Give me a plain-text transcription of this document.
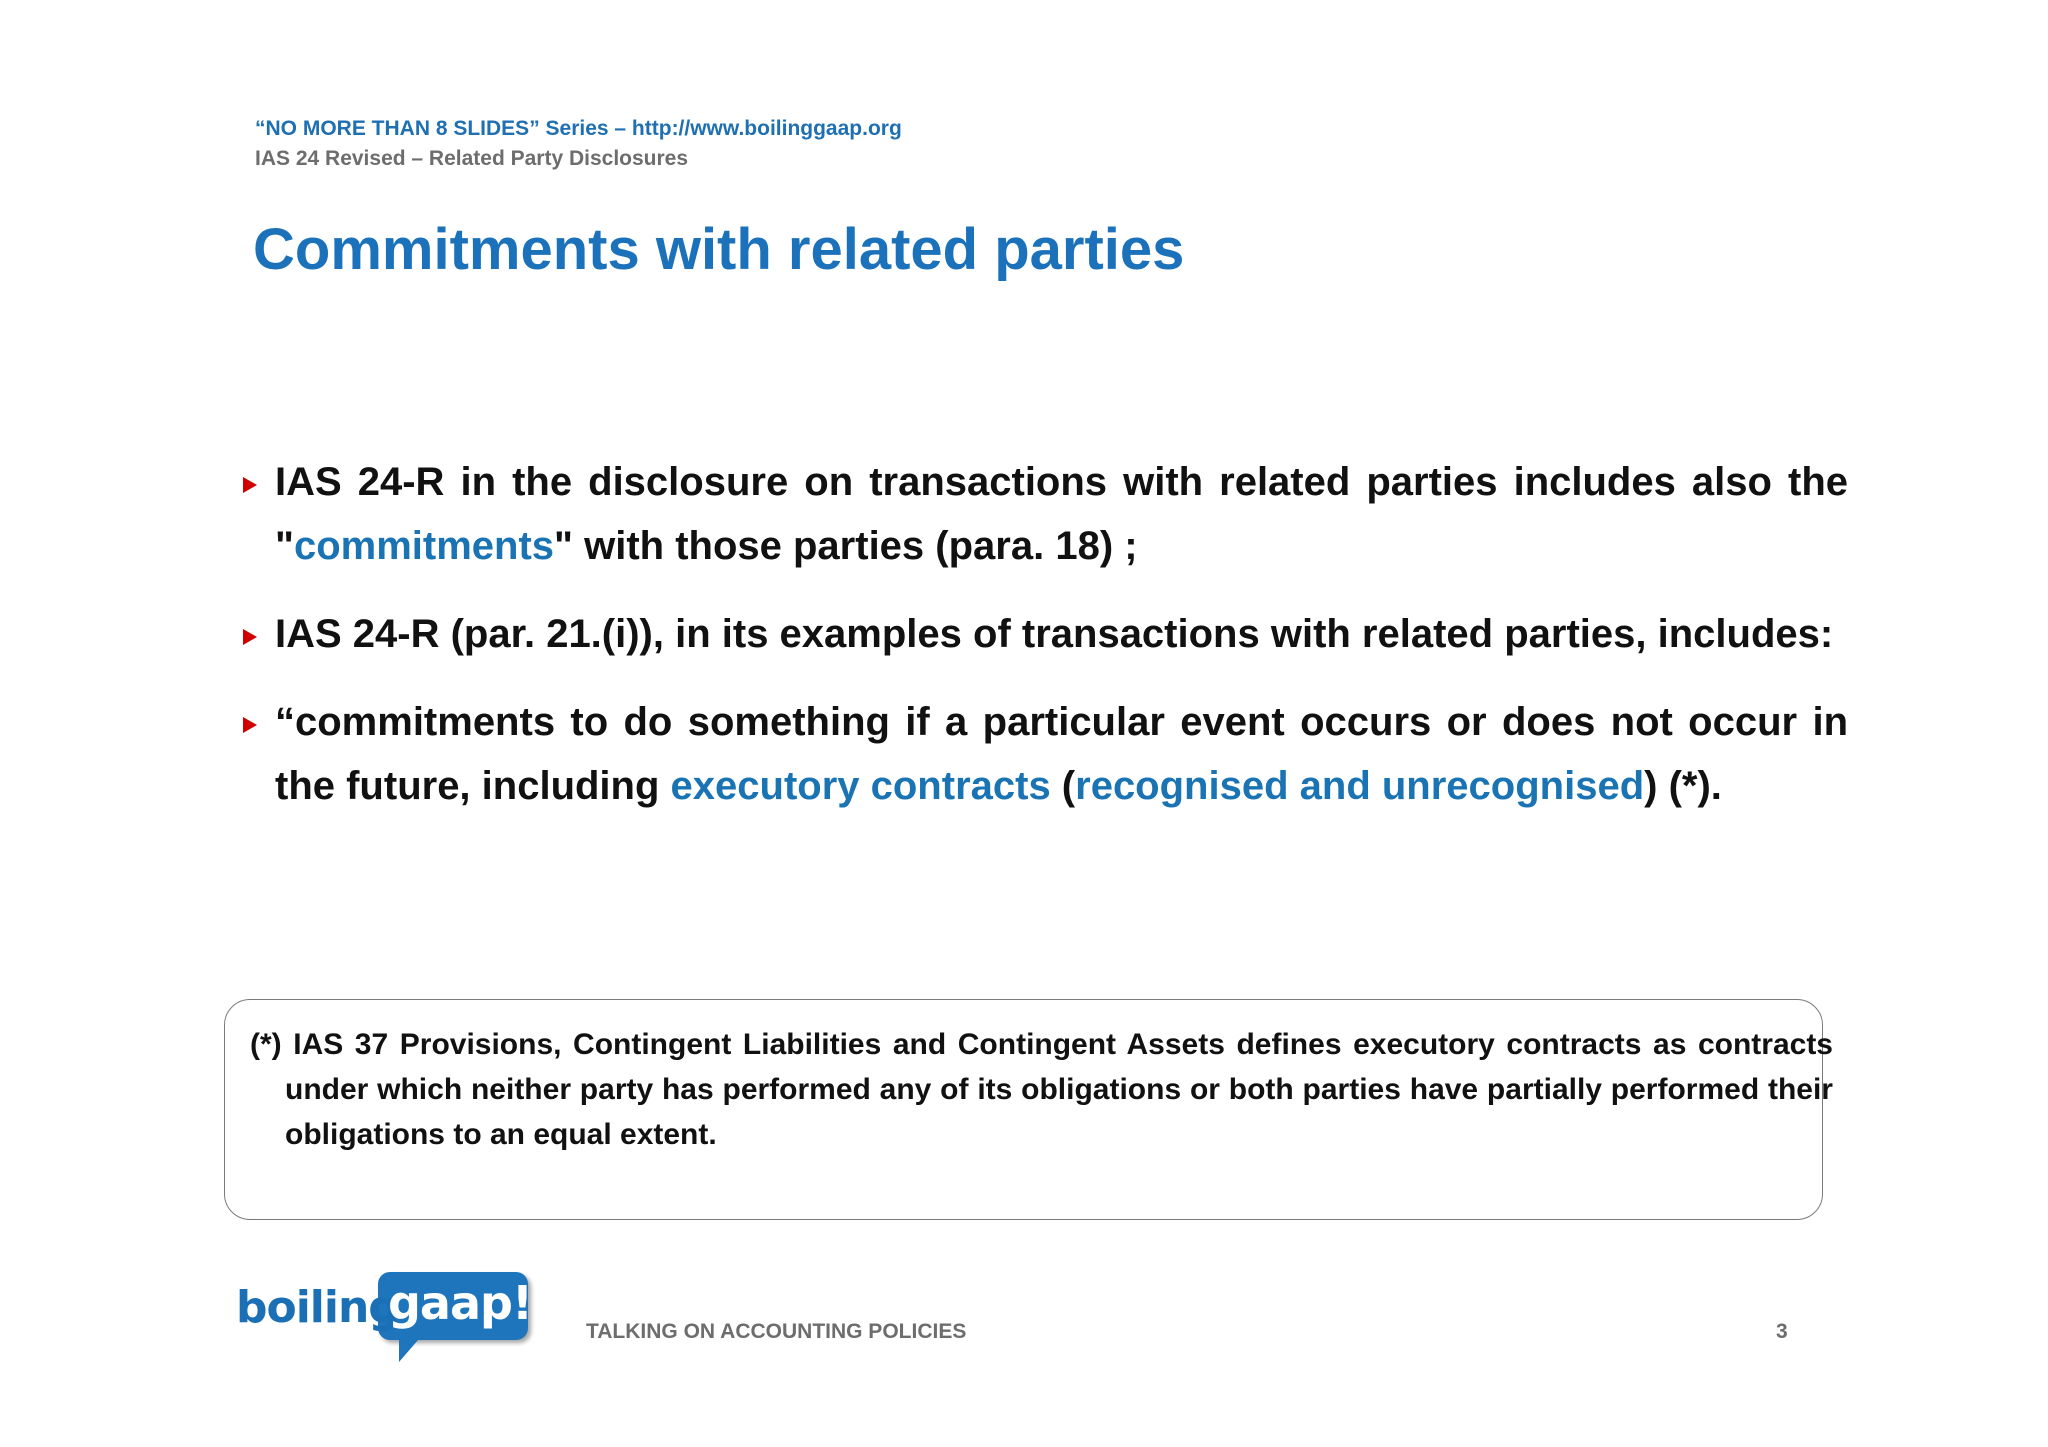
“NO MORE THAN 8 SLIDES” Series – http://www.boilinggaap.org
IAS 24 Revised – Related Party Disclosures
Commitments with related parties
IAS 24-R in the disclosure on transactions with related parties includes also the "commitments" with those parties (para. 18) ;
IAS 24-R (par. 21.(i)), in its examples of transactions with related parties, includes:
“commitments to do something if a particular event occurs or does not occur in the future, including executory contracts (recognised and unrecognised) (*).

(*) IAS 37 Provisions, Contingent Liabilities and Contingent Assets defines executory contracts as contracts under which neither party has performed any of its obligations or both parties have partially performed their obligations to an equal extent.

boiling
gaap!
TALKING ON ACCOUNTING POLICIES	3
